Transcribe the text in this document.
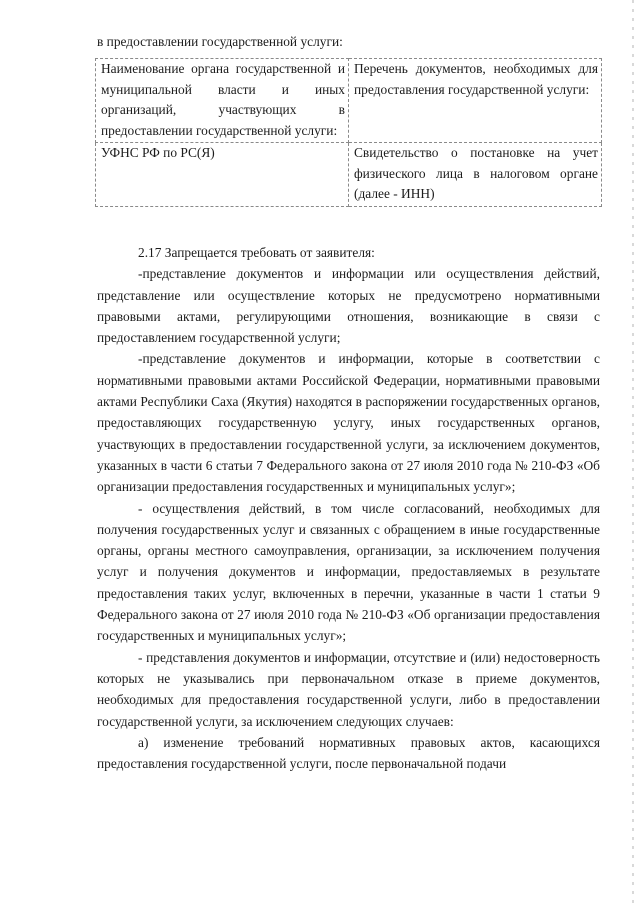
в предоставлении государственной услуги:
Наименование органа государственной и муниципальной власти и иных организаций, участвующих в предоставлении государственной услуги:	Перечень документов, необходимых для предоставления государственной услуги:
УФНС РФ по РС(Я)	Свидетельство о постановке на учет физического лица в налоговом органе (далее - ИНН)

2.17 Запрещается требовать от заявителя:

-представление документов и информации или осуществления действий, представление или осуществление которых не предусмотрено нормативными правовыми актами, регулирующими отношения, возникающие в связи с предоставлением государственной услуги;

-представление документов и информации, которые в соответствии с нормативными правовыми актами Российской Федерации, нормативными правовыми актами Республики Саха (Якутия) находятся в распоряжении государственных органов, предоставляющих государственную услугу, иных государственных органов, участвующих в предоставлении государственной услуги, за исключением документов, указанных в части 6 статьи 7 Федерального закона от 27 июля 2010 года № 210-ФЗ «Об организации предоставления государственных и муниципальных услуг»;

- осуществления действий, в том числе согласований, необходимых для получения государственных услуг и связанных с обращением в иные государственные органы, органы местного самоуправления, организации, за исключением получения услуг и получения документов и информации, предоставляемых в результате предоставления таких услуг, включенных в перечни, указанные в части 1 статьи 9 Федерального закона от 27 июля 2010 года № 210-ФЗ «Об организации предоставления государственных и муниципальных услуг»;

- представления документов и информации, отсутствие и (или) недостоверность которых не указывались при первоначальном отказе в приеме документов, необходимых для предоставления государственной услуги, либо в предоставлении государственной услуги, за исключением следующих случаев:

а) изменение требований нормативных правовых актов, касающихся предоставления государственной услуги, после первоначальной подачи
